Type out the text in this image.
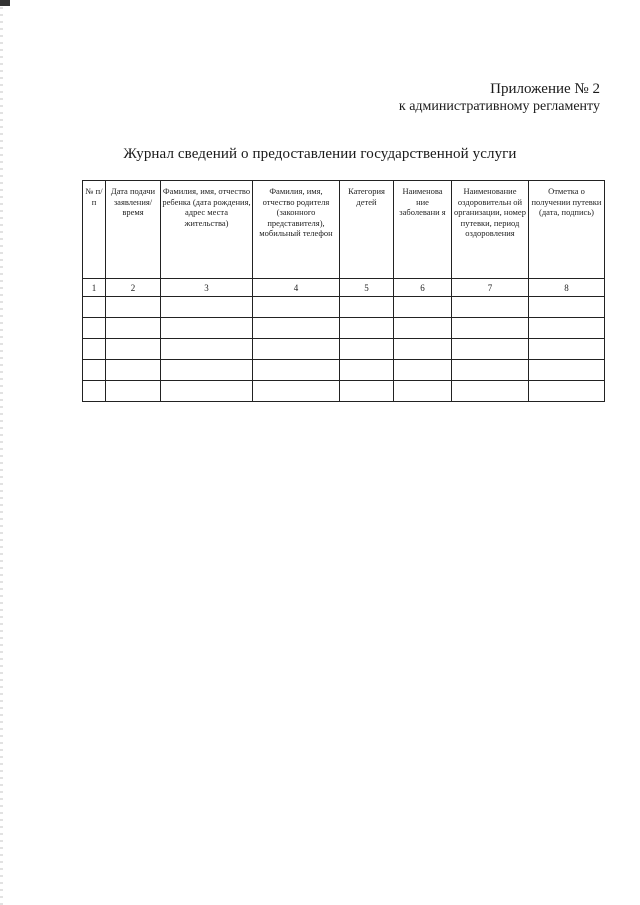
Приложение № 2
к административному регламенту
Журнал сведений о предоставлении государственной услуги
№ п/п	Дата подачи заявления/ время	Фамилия, имя, отчество ребенка (дата рождения, адрес места жительства)	Фамилия, имя, отчество родителя (законного представителя), мобильный телефон	Категория детей	Наименова ние заболевани я	Наименование оздоровительн ой организации, номер путевки, период оздоровления	Отметка о получении путевки (дата, подпись)
1	2	3	4	5	6	7	8
